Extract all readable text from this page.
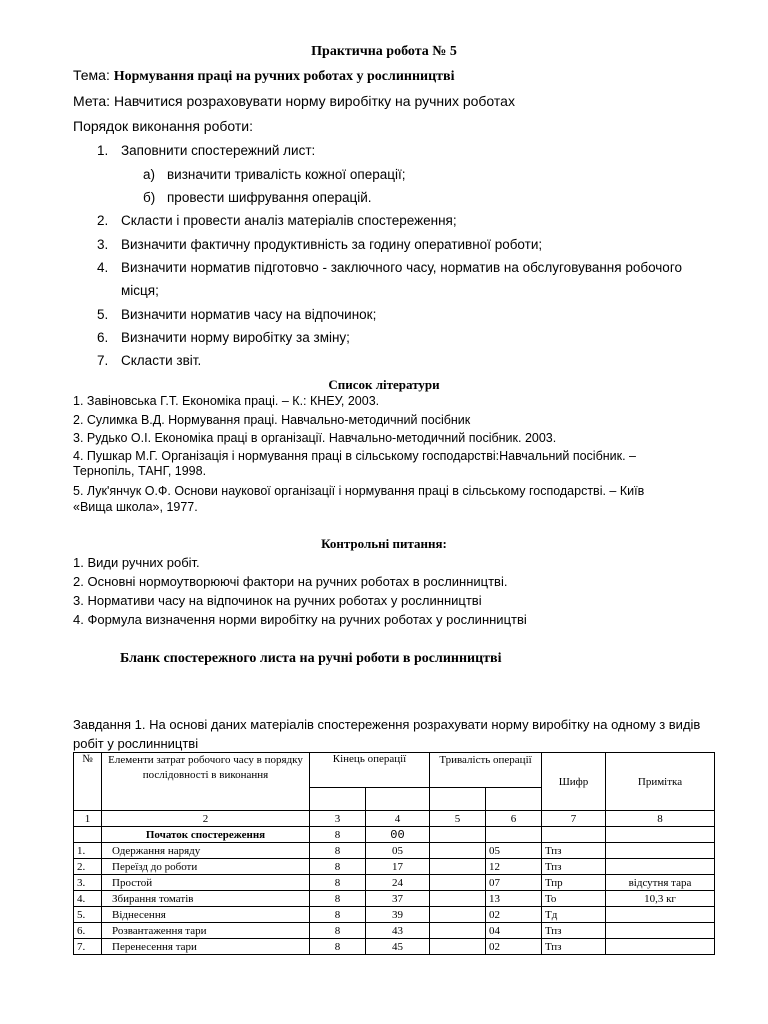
Практична робота № 5
Тема: Нормування праці на ручних роботах у рослинництві
Мета: Навчитися розраховувати норму виробітку на ручних роботах
Порядок виконання роботи:
1. Заповнити спостережний лист:
а) визначити тривалість кожної операції;
б) провести шифрування операцій.
2. Скласти і провести аналіз матеріалів спостереження;
3. Визначити фактичну продуктивність за годину оперативної роботи;
4. Визначити норматив підготовчо - заключного часу, норматив на обслуговування робочого
місця;
5. Визначити норматив часу на відпочинок;
6. Визначити норму виробітку за зміну;
7. Скласти звіт.
Список літератури
1. Завіновська Г.Т. Економіка праці. – К.: КНЕУ, 2003.
2. Сулимка В.Д. Нормування праці. Навчально-методичний посібник
3. Рудько О.І. Економіка праці в організації. Навчально-методичний посібник. 2003.
4. Пушкар М.Г. Організація і нормування праці в сільському господарстві:Навчальний посібник. –
Тернопіль, ТАНГ, 1998.
5. Лук'янчук О.Ф. Основи наукової організації і нормування праці в сільському господарстві. – Київ
«Вища школа», 1977.
Контрольні питання:
1. Види ручних робіт.
2. Основні нормоутворюючі фактори на ручних роботах в рослинництві.
3. Нормативи часу на відпочинок на ручних роботах у рослинництві
4. Формула визначення норми виробітку на ручних роботах у рослинництві
Бланк спостережного листа на ручні роботи в рослинництві
Завдання 1. На основі даних матеріалів спостереження розрахувати норму виробітку на одному з видів
робіт у рослинництві
№	Елементи затрат робочого часу в порядку послідовності в виконання	Кінець операції		Тривалість операції		Шифр	Примітка

1	2	3	4	5	6	7	8
	Початок спостереження	8	00				
1.	Одержання наряду	8	05		05	Тпз	
2.	Переїзд до роботи	8	17		12	Тпз	
3.	Простой	8	24		07	Тпр	відсутня тара
4.	Збирання томатів	8	37		13	То	10,3 кг
5.	Віднесення	8	39		02	Тд	
6.	Розвантаження тари	8	43		04	Тпз	
7.	Перенесення тари	8	45		02	Тпз	
